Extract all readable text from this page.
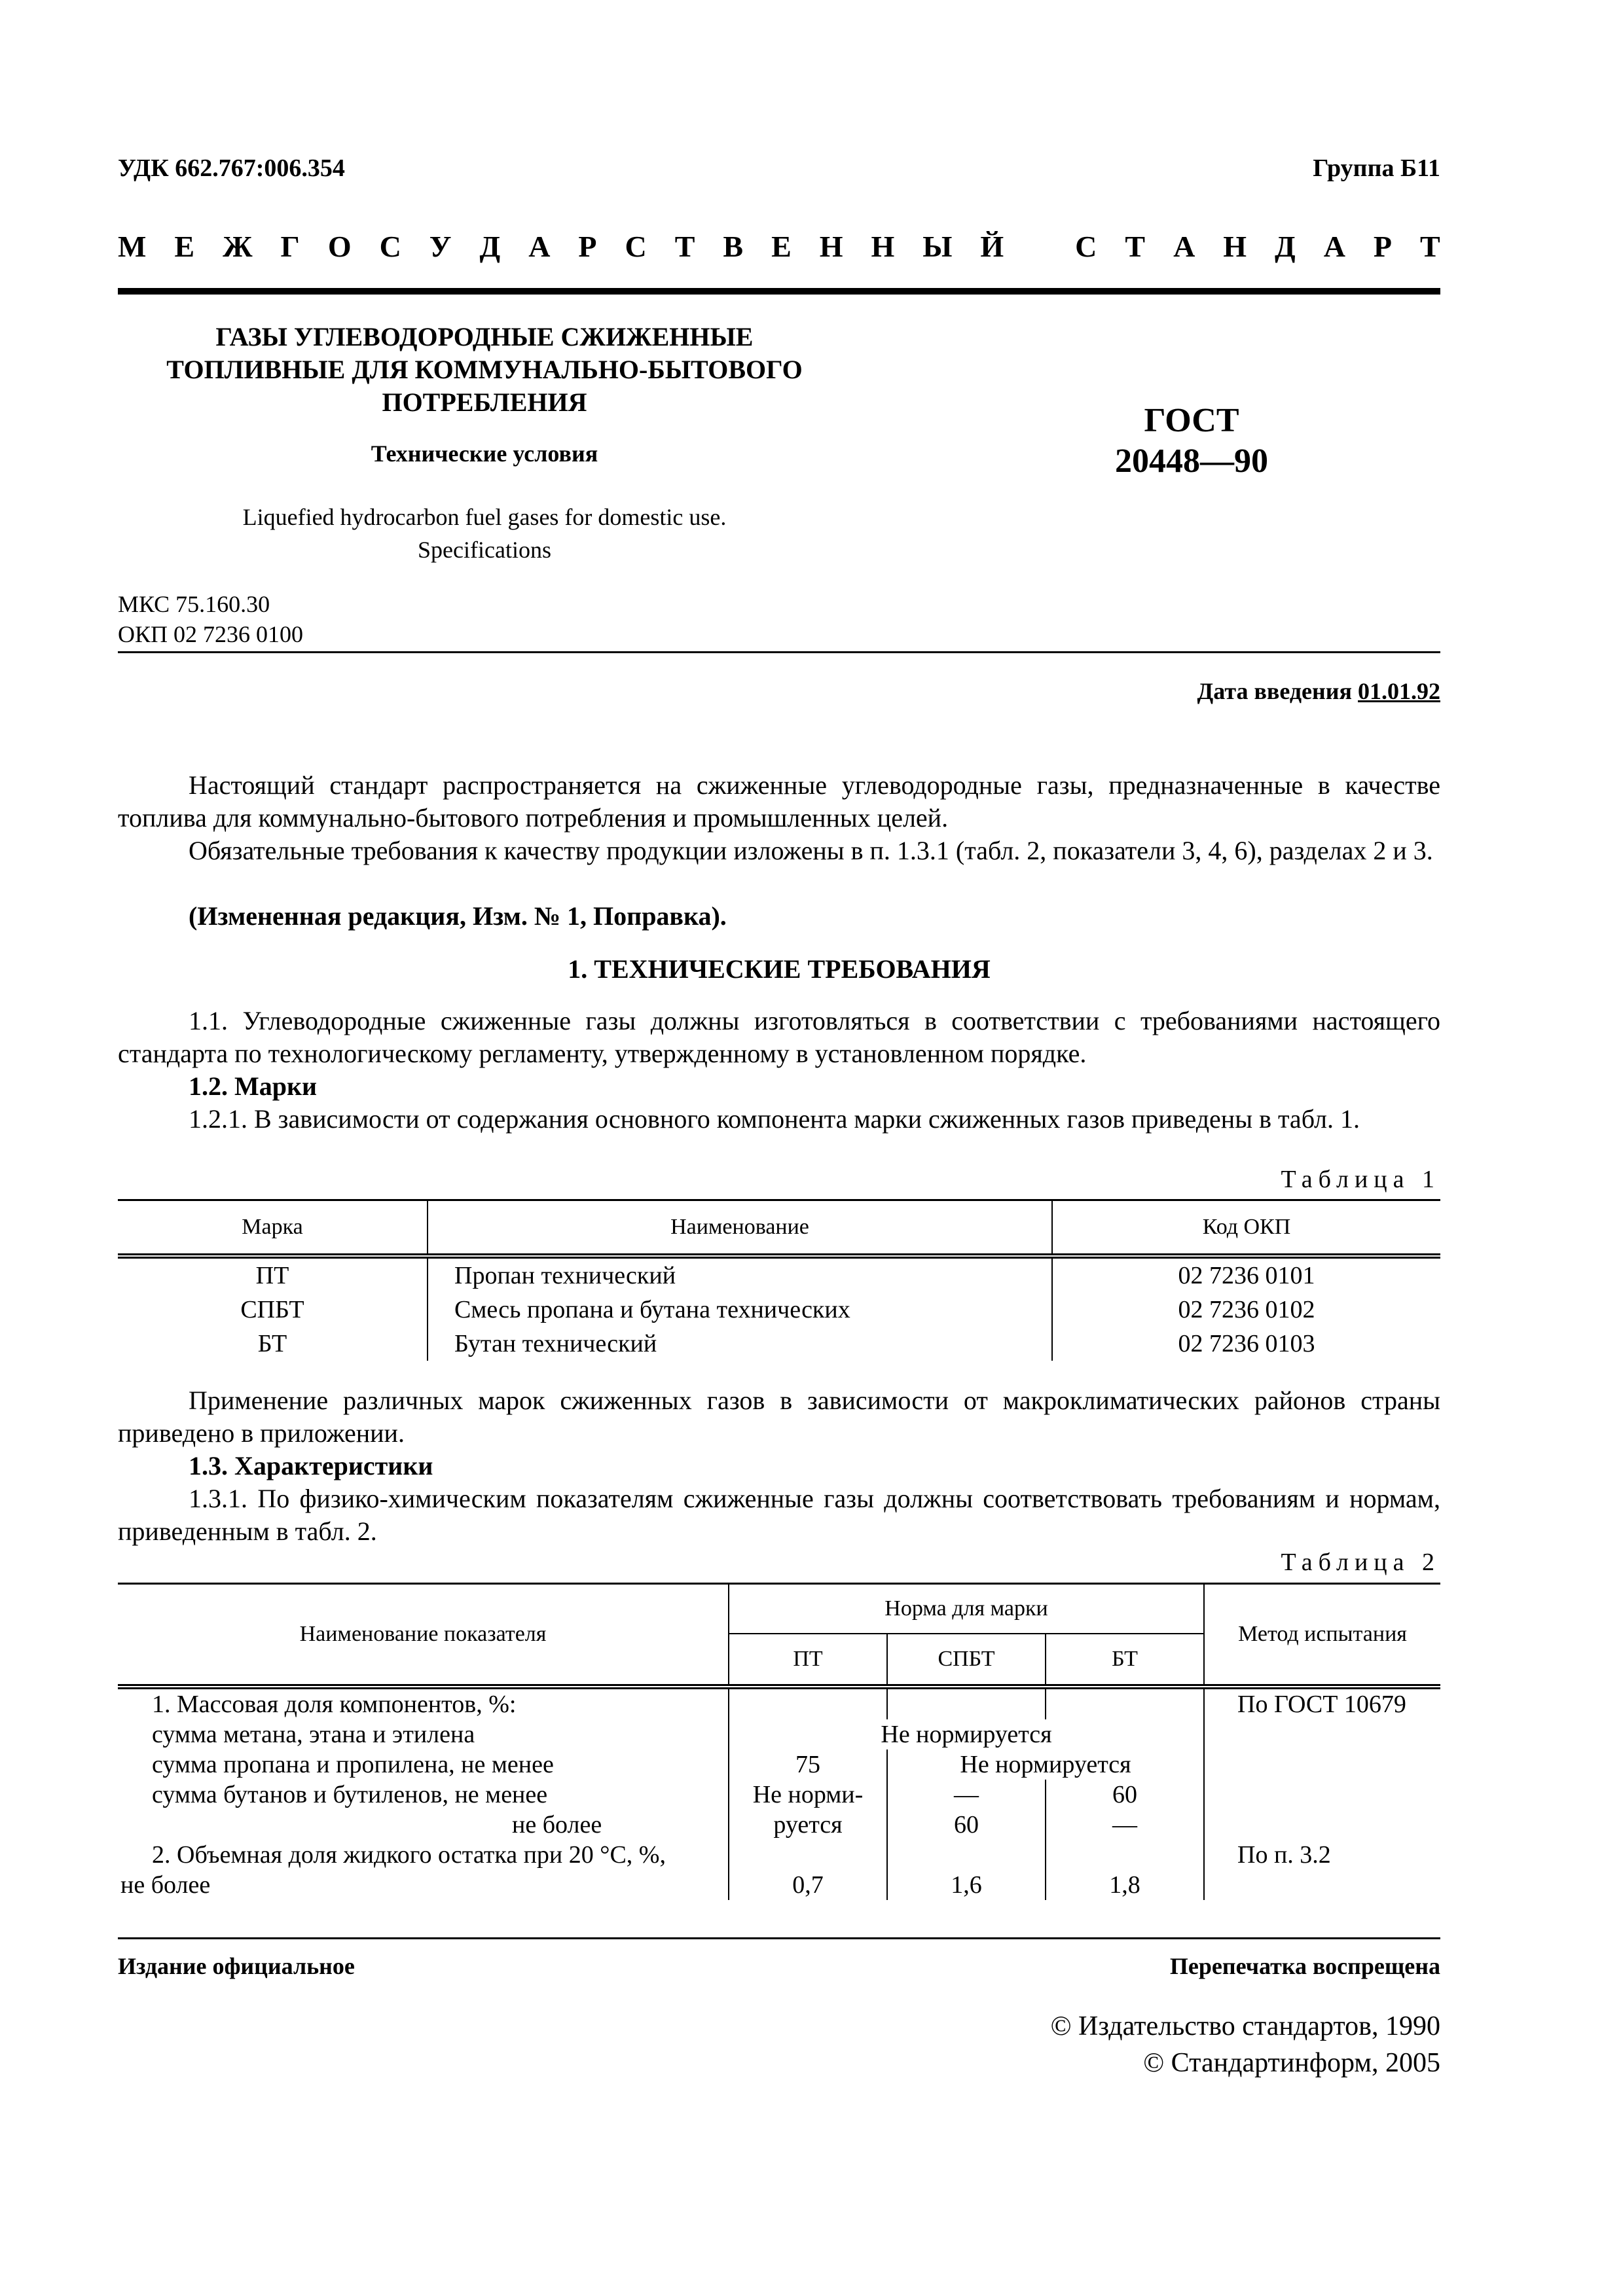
УДК 662.767:006.354	Группа Б11
М Е Ж Г О С У Д А Р С Т В Е Н Н Ы Й
С Т А Н Д А Р Т
ГАЗЫ УГЛЕВОДОРОДНЫЕ СЖИЖЕННЫЕ
ТОПЛИВНЫЕ ДЛЯ КОММУНАЛЬНО-БЫТОВОГО
ПОТРЕБЛЕНИЯ
Технические условия
Liquefied hydrocarbon fuel gases for domestic use.
Specifications
ГОСТ
20448—90
МКС 75.160.30
ОКП 02 7236 0100
Дата введения 01.01.92
Настоящий стандарт распространяется на сжиженные углеводородные газы, предназначенные в качестве топлива для коммунально-бытового потребления и промышленных целей.
Обязательные требования к качеству продукции изложены в п. 1.3.1 (табл. 2, показатели 3, 4, 6), разделах 2 и 3.
(Измененная редакция, Изм. № 1, Поправка).
1. ТЕХНИЧЕСКИЕ ТРЕБОВАНИЯ
1.1. Углеводородные сжиженные газы должны изготовляться в соответствии с требованиями настоящего стандарта по технологическому регламенту, утвержденному в установленном порядке.
1.2. Марки
1.2.1. В зависимости от содержания основного компонента марки сжиженных газов приведены в табл. 1.
Таблица 1
Марка	Наименование	Код ОКП
ПТ	Пропан технический	02 7236 0101
СПБТ	Смесь пропана и бутана технических	02 7236 0102
БТ	Бутан технический	02 7236 0103
Применение различных марок сжиженных газов в зависимости от макроклиматических районов страны приведено в приложении.
1.3. Характеристики
1.3.1. По физико-химическим показателям сжиженные газы должны соответствовать требованиям и нормам, приведенным в табл. 2.
Таблица 2
Наименование показателя	Норма для марки			Метод испытания
	ПТ	СПБТ	БТ	
1. Массовая доля компонентов, %:				По ГОСТ 10679
сумма метана, этана и этилена	Не нормируется			
сумма пропана и пропилена, не менее	75	Не нормируется		
сумма бутанов и бутиленов, не менее	Не норми-	—	60	
не более	руется	60	—	
2. Объемная доля жидкого остатка при 20 °С, %,				По п. 3.2
не более	0,7	1,6	1,8	
Издание официальное	Перепечатка воспрещена
© Издательство стандартов, 1990
© Стандартинформ, 2005
